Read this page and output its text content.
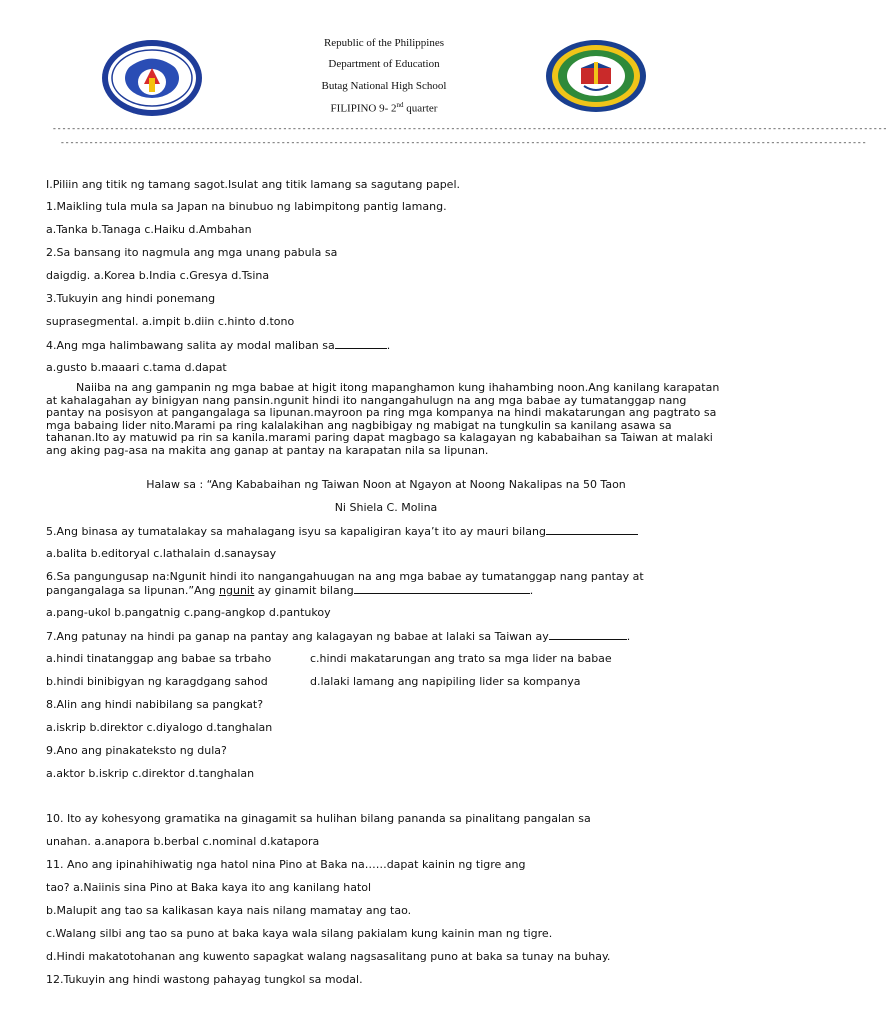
Republic of the Philippines
Department of Education
Butag National High School
FILIPINO 9- 2nd quarter
------------------------------------------------------------------------------------------------------------------------------------------------------------------------------
------------------------------------------------------------------------------------------------------------------------------------------------------------------------
I.Piliin ang titik ng tamang sagot.Isulat ang titik lamang sa sagutang papel.
1.Maikling tula mula sa Japan na binubuo ng labimpitong pantig lamang.
a.Tanka b.Tanaga c.Haiku d.Ambahan
2.Sa bansang ito nagmula ang mga unang pabula sa
daigdig. a.Korea b.India c.Gresya d.Tsina
3.Tukuyin ang hindi ponemang
suprasegmental. a.impit b.diin c.hinto d.tono
4.Ang mga halimbawang salita ay modal maliban sa	.
a.gusto b.maaari c.tama d.dapat
Naiiba na ang gampanin ng mga babae at higit itong mapanghamon kung ihahambing noon.Ang kanilang karapatan at kahalagahan ay binigyan nang pansin.ngunit hindi ito nangangahulugn na ang mga babae ay tumatanggap nang pantay na posisyon at pangangalaga sa lipunan.mayroon pa ring mga kompanya na hindi makatarungan ang pagtrato sa mga babaing lider nito.Marami pa ring kalalakihan ang nagbibigay ng mabigat na tungkulin sa kanilang asawa sa tahanan.Ito ay matuwid pa rin sa kanila.marami paring dapat magbago sa kalagayan ng kababaihan sa Taiwan at malaki ang aking pag-asa na makita ang ganap at pantay na karapatan nila sa lipunan.
Halaw sa : “Ang Kababaihan ng Taiwan Noon at Ngayon at Noong Nakalipas na 50 Taon
Ni Shiela C. Molina
5.Ang binasa ay tumatalakay sa mahalagang isyu sa kapaligiran kaya’t ito ay mauri bilang
a.balita b.editoryal c.lathalain d.sanaysay
6.Sa pangungusap na:Ngunit hindi ito nangangahuugan na ang mga babae ay tumatanggap nang pantay at
pangangalaga sa lipunan.”Ang ngunit ay ginamit bilang	.
a.pang-ukol b.pangatnig c.pang-angkop d.pantukoy
7.Ang patunay na hindi pa ganap na pantay ang kalagayan ng babae at lalaki sa Taiwan ay	.
a.hindi tinatanggap ang babae sa trbaho	c.hindi makatarungan ang trato sa mga lider na babae
b.hindi binibigyan ng karagdgang sahod	d.lalaki lamang ang napipiling lider sa kompanya
8.Alin ang hindi nabibilang sa pangkat?
a.iskrip b.direktor c.diyalogo d.tanghalan
9.Ano ang pinakateksto ng dula?
a.aktor b.iskrip c.direktor d.tanghalan
10. Ito ay kohesyong gramatika na ginagamit sa hulihan bilang pananda sa pinalitang pangalan sa
unahan. a.anapora b.berbal c.nominal d.katapora
11. Ano ang ipinahihiwatig nga hatol nina Pino at Baka na……dapat kainin ng tigre ang
tao? a.Naiinis sina Pino at Baka kaya ito ang kanilang hatol
b.Malupit ang tao sa kalikasan kaya nais nilang mamatay ang tao.
c.Walang silbi ang tao sa puno at baka kaya wala silang pakialam kung kainin man ng tigre.
d.Hindi makatotohanan ang kuwento sapagkat walang nagsasalitang puno at baka sa tunay na buhay.
12.Tukuyin ang hindi wastong pahayag tungkol sa modal.
